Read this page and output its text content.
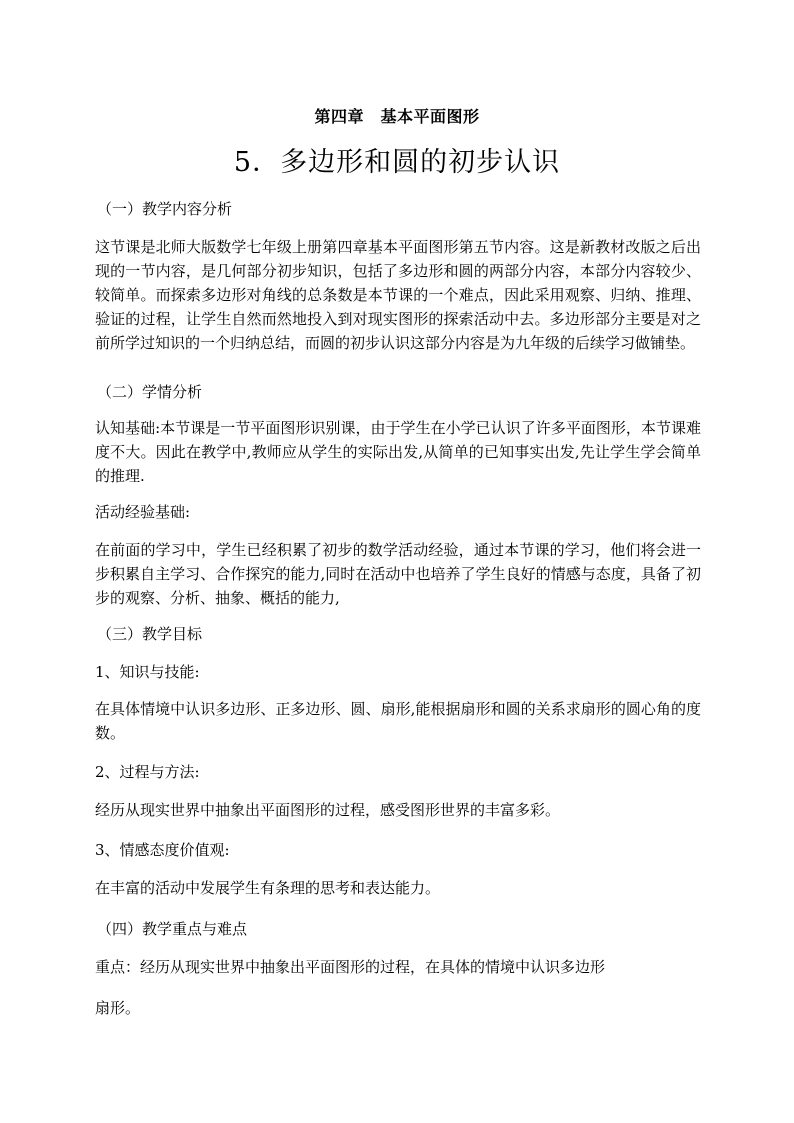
第四章　基本平面图形
5．多边形和圆的初步认识
（一）教学内容分析
这节课是北师大版数学七年级上册第四章基本平面图形第五节内容。这是新教材改版之后出现的一节内容，是几何部分初步知识，包括了多边形和圆的两部分内容，本部分内容较少、较简单。而探索多边形对角线的总条数是本节课的一个难点，因此采用观察、归纳、推理、验证的过程，让学生自然而然地投入到对现实图形的探索活动中去。多边形部分主要是对之前所学过知识的一个归纳总结，而圆的初步认识这部分内容是为九年级的后续学习做铺垫。
（二）学情分析
认知基础:本节课是一节平面图形识别课，由于学生在小学已认识了许多平面图形，本节课难度不大。因此在教学中,教师应从学生的实际出发,从简单的已知事实出发,先让学生学会简单的推理.
活动经验基础:
在前面的学习中，学生已经积累了初步的数学活动经验，通过本节课的学习，他们将会进一步积累自主学习、合作探究的能力,同时在活动中也培养了学生良好的情感与态度，具备了初步的观察、分析、抽象、概括的能力,
（三）教学目标
1、知识与技能:
在具体情境中认识多边形、正多边形、圆、扇形,能根据扇形和圆的关系求扇形的圆心角的度数。
2、过程与方法:
经历从现实世界中抽象出平面图形的过程，感受图形世界的丰富多彩。
3、情感态度价值观:
在丰富的活动中发展学生有条理的思考和表达能力。
（四）教学重点与难点
重点：经历从现实世界中抽象出平面图形的过程，在具体的情境中认识多边形
扇形。
